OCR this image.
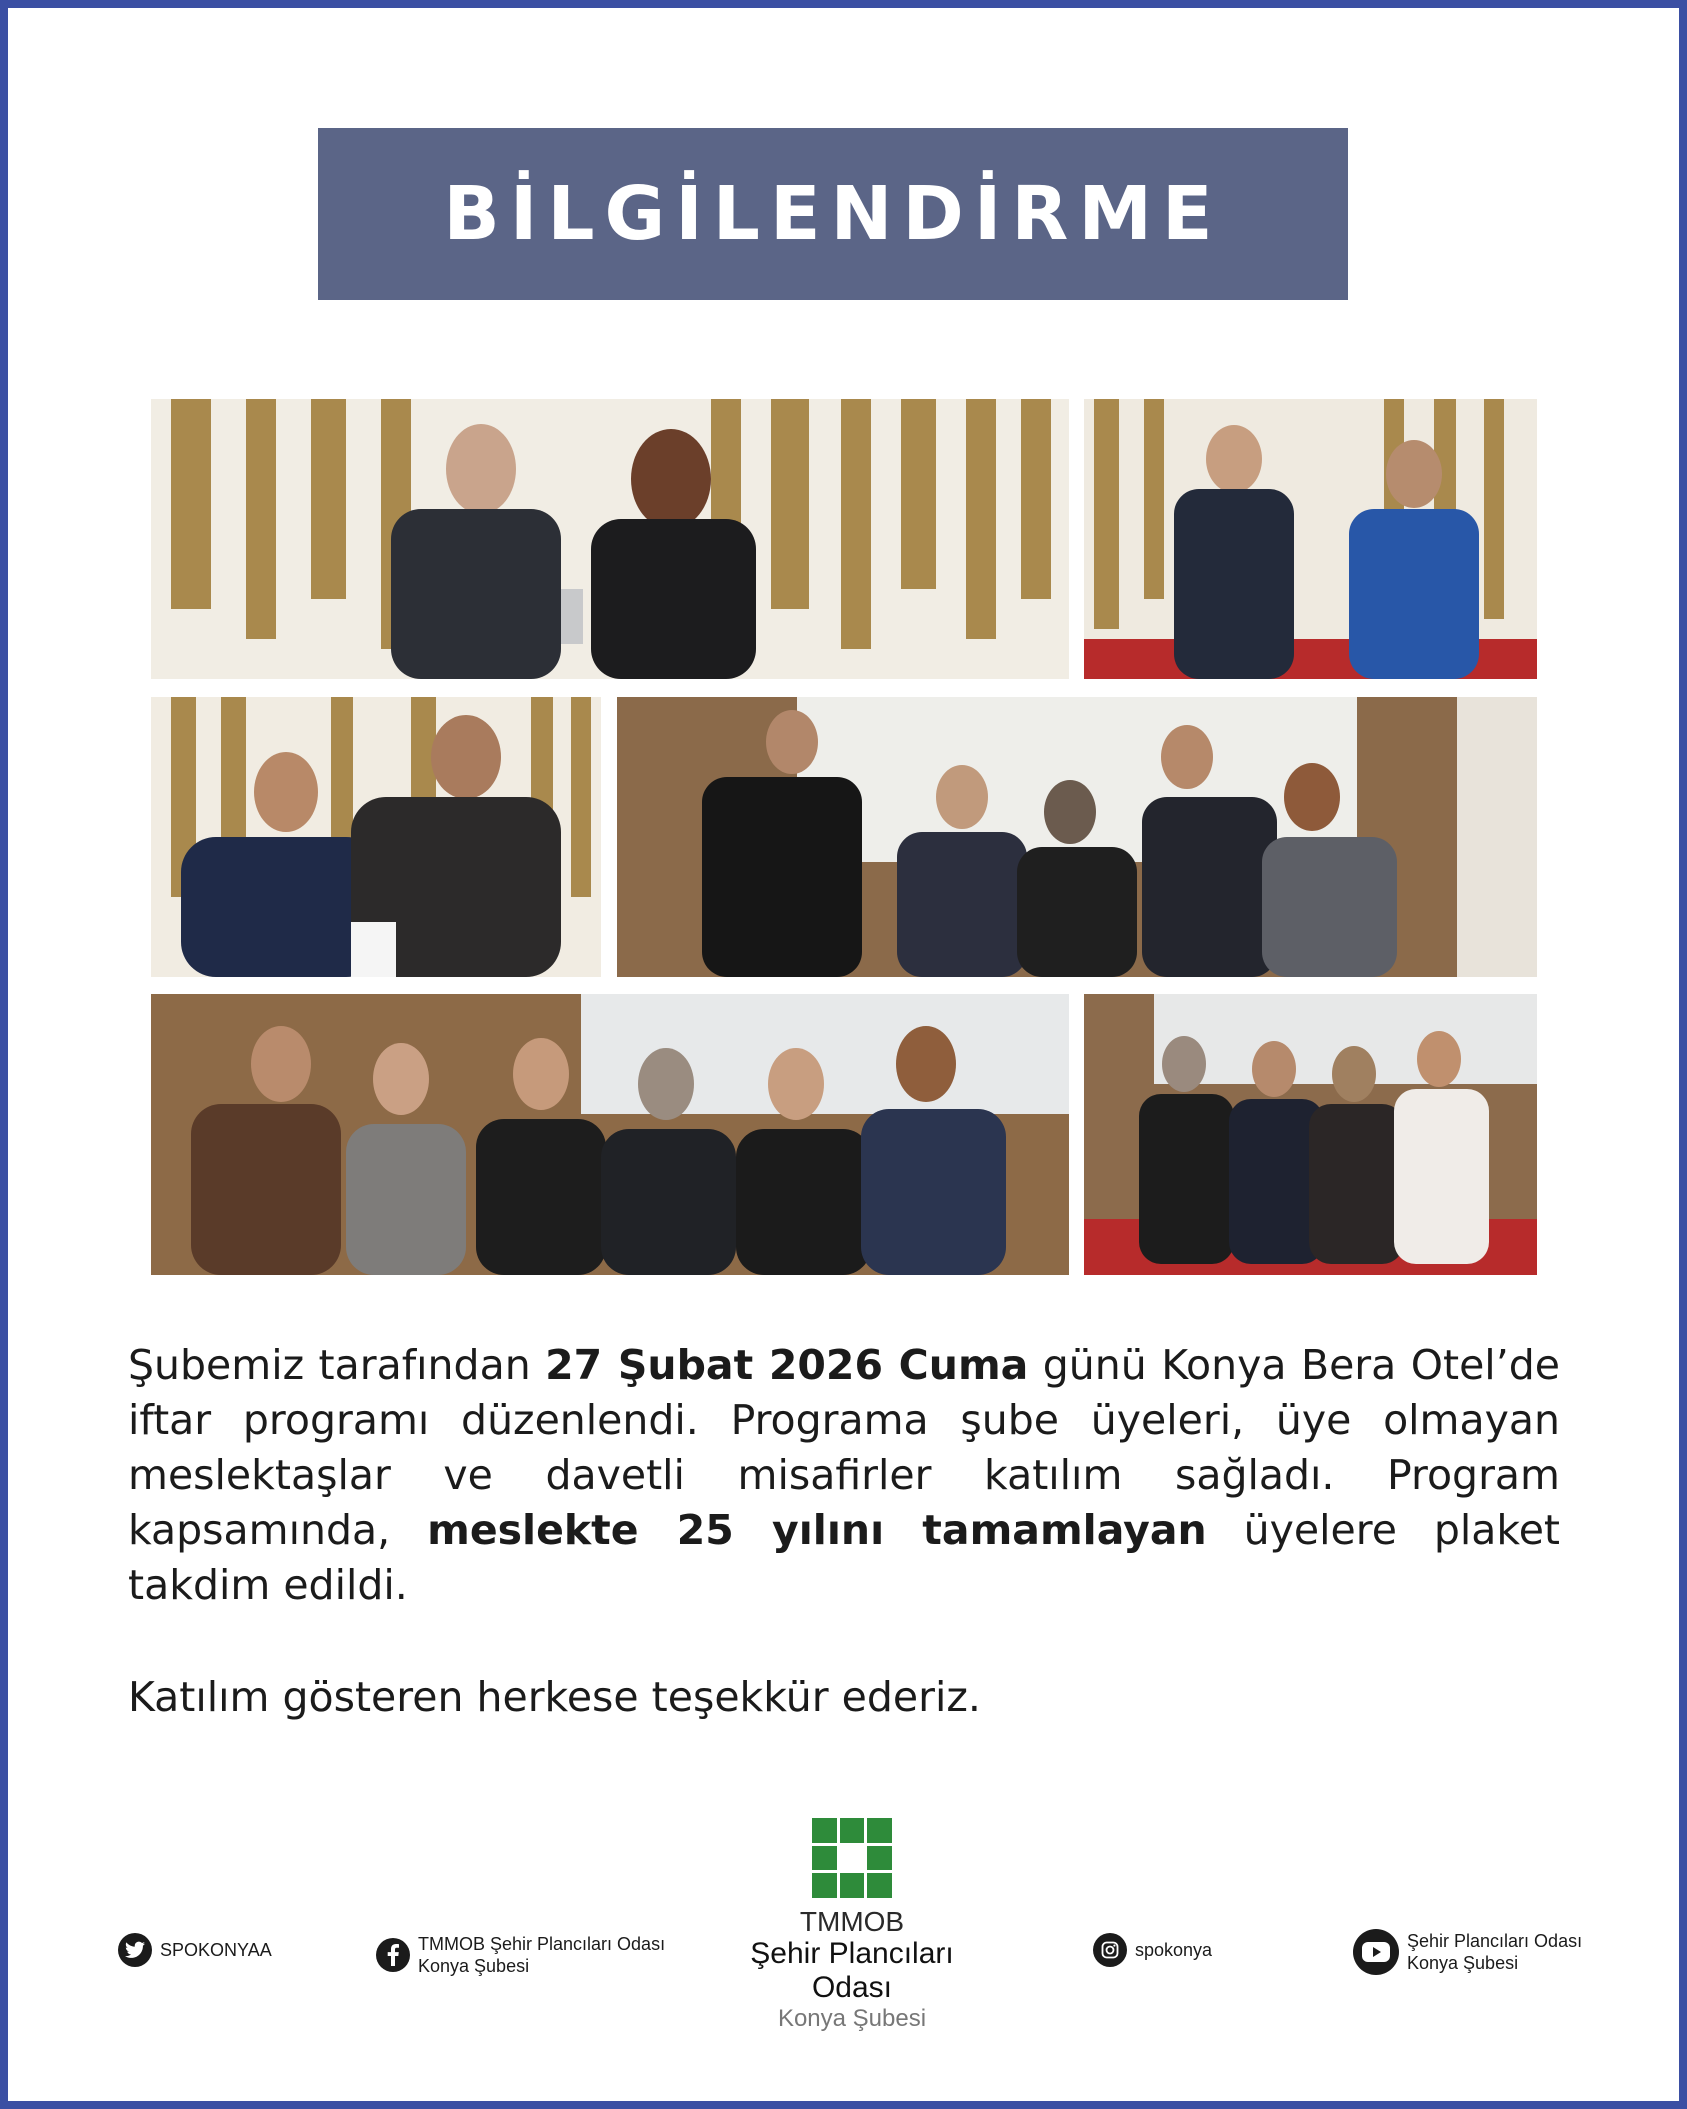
BİLGİLENDİRME
Şubemiz tarafından 27 Şubat 2026 Cuma günü Konya Bera Otel’de iftar programı düzenlendi. Programa şube üyeleri, üye olmayan meslektaşlar ve davetli misafirler katılım sağladı. Program kapsamında, meslekte 25 yılını tamamlayan üyelere plaket takdim edildi.
Katılım gösteren herkese teşekkür ederiz.
SPOKONYAA	TMMOB Şehir Plancıları Odası
Konya Şubesi
TMMOB
Şehir Plancıları Odası
Konya Şubesi
spokonya	Şehir Plancıları Odası
Konya Şubesi
